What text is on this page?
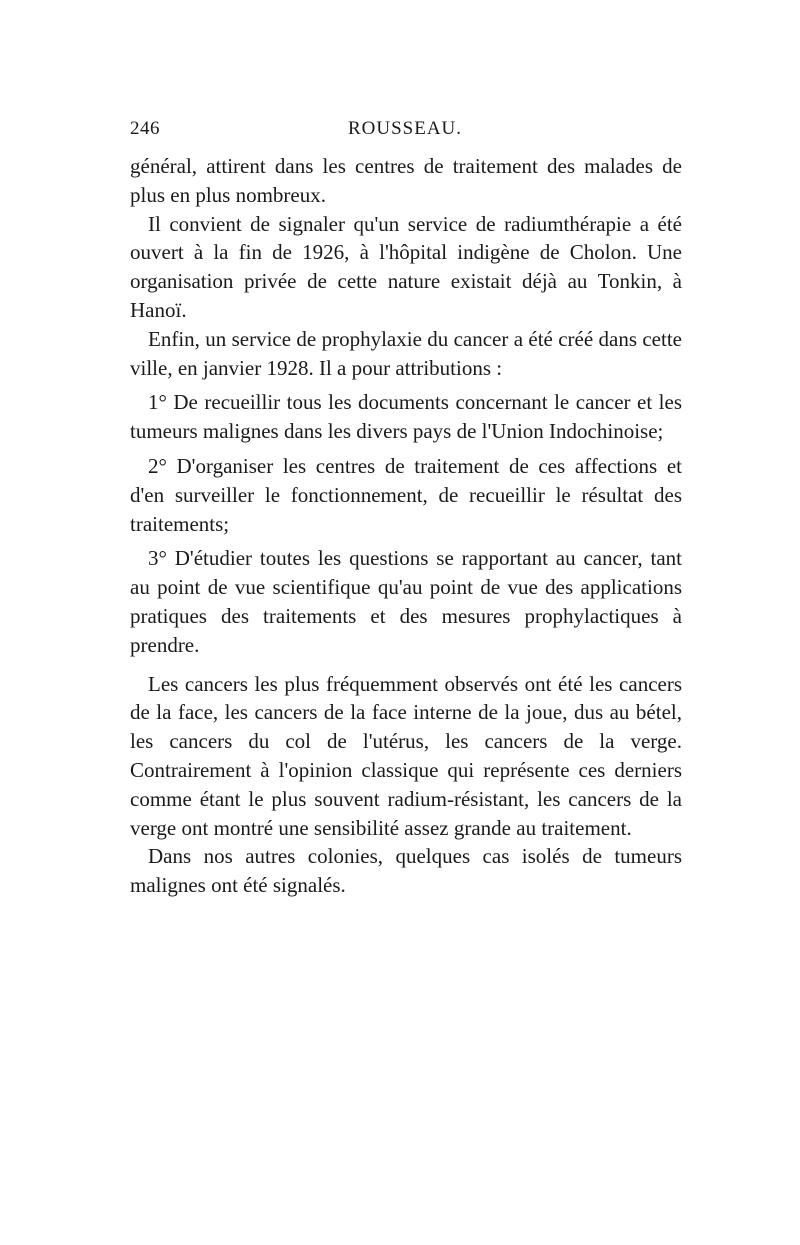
246	ROUSSEAU.

général, attirent dans les centres de traitement des malades de plus en plus nombreux.

Il convient de signaler qu'un service de radiumthérapie a été ouvert à la fin de 1926, à l'hôpital indigène de Cholon. Une organisation privée de cette nature existait déjà au Tonkin, à Hanoï.

Enfin, un service de prophylaxie du cancer a été créé dans cette ville, en janvier 1928. Il a pour attributions :

1° De recueillir tous les documents concernant le cancer et les tumeurs malignes dans les divers pays de l'Union Indochinoise;

2° D'organiser les centres de traitement de ces affections et d'en surveiller le fonctionnement, de recueillir le résultat des traitements;

3° D'étudier toutes les questions se rapportant au cancer, tant au point de vue scientifique qu'au point de vue des applications pratiques des traitements et des mesures prophylactiques à prendre.

Les cancers les plus fréquemment observés ont été les cancers de la face, les cancers de la face interne de la joue, dus au bétel, les cancers du col de l'utérus, les cancers de la verge. Contrairement à l'opinion classique qui représente ces derniers comme étant le plus souvent radium-résistant, les cancers de la verge ont montré une sensibilité assez grande au traitement.

Dans nos autres colonies, quelques cas isolés de tumeurs malignes ont été signalés.
